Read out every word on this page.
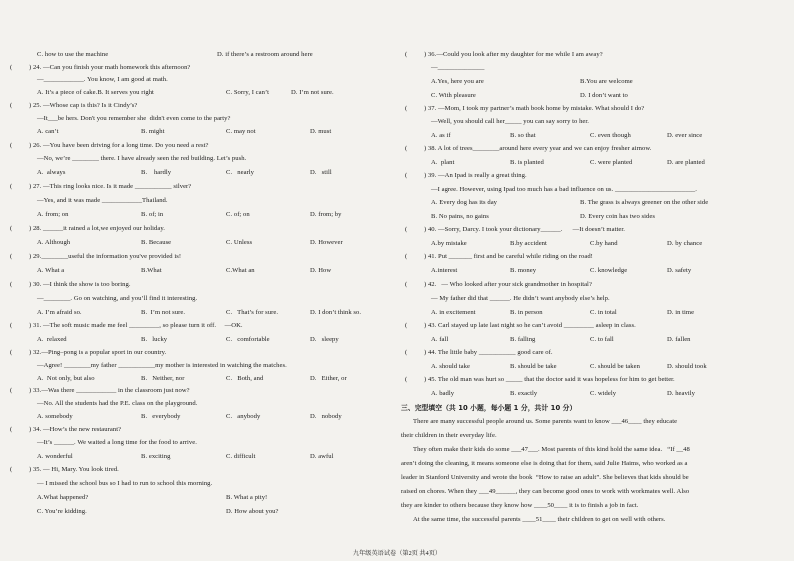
C. how to use the machine	D. if there’s a restroom around here
(	) 24. —Can you finish your math homework this afternoon?
—____________. You know, I am good at math.
A. It’s a piece of cake.B. It serves you right	C. Sorry, I can’t	D. I’m not sure.
(	) 25. —Whose cap is this? Is it Cindy’s?
—It___be hers. Don't you remember she  didn't even come to the party?
A. can’t	B. might	C. may not	D. must
(	) 26. —You have been driving for a long time. Do you need a rest?
—No, we’re ________ there. I have already seen the red building. Let’s push.
A.  always	B.    hardly	C.   nearly	D.   still
(	) 27. —This ring looks nice. Is it made ___________ silver?
—Yes, and it was made ____________Thailand.
A. from; on	B. of; in	C. of; on	D. from; by
(	) 28. ______it rained a lot,we enjoyed our holiday.
A. Although	B. Because	C. Unless	D. However
(	) 29.________useful the information you've provided is!
A. What a	B.What	C.What an	D. How
(	) 30. —I think the show is too boring.
—________. Go on watching, and you’ll find it interesting.
A. I’m afraid so.	B.  I’m not sure.	C.   That’s for sure.	D. I don’t think so.
(	) 31. —The soft music made me feel _________, so please turn it off.     —OK.
A.  relaxed	B.   lucky	C.   comfortable	D.   sleepy
(	) 32.—Ping–pong is a popular sport in our country.
—Agree! ________my father ___________my mother is interested in watching the matches.
A.  Not only, but also	B.   Neither, nor	C.   Both, and	D.   Either, or
(	) 33.—Was there ____________ in the classroom just now?
—No. All the students had the P.E. class on the playground.
A. somebody	B.   everybody	C.   anybody	D.   nobody
(	) 34. —How’s the new restaurant?
—It’s ______. We waited a long time for the food to arrive.
A. wonderful	B. exciting	C. difficult	D. awful
(	) 35. — Hi, Mary. You look tired.
— I missed the school bus so I had to run to school this morning.
A.What happened?	B. What a pity!
C. You’re kidding.	D. How about you?
(	) 36.—Could you look after my daughter for me while I am away?
—______________
A.Yes, here you are	B.You are welcome
C. With pleasure	D. I don’t want to
(	) 37. —Mom, I took my partner’s math book home by mistake. What should I do?
—Well, you should call her_____ you can say sorry to her.
A. as if	B. so that	C. even though	D. ever since
(	) 38. A lot of trees________around here every year and we can enjoy fresher airnow.
A.  plant	B. is planted	C. were planted	D. are planted
(	) 39. —An Ipad is really a great thing.
—I agree. However, using Ipad too much has a bad influence on us. ________________________.
A. Every dog has its day	B. The grass is always greener on the other side
B. No pains, no gains	D. Every coin has two sides
(	) 40. —Sorry, Darcy. I took your dictionary______.      —It doesn’t matter.
A.by mistake	B.by accident	C.by hand	D. by chance
(	) 41. Put _______ first and be careful while riding on the road!
A.interest	B. money	C. knowledge	D. safety
(	) 42.   — Who looked after your sick grandmother in hospital?
— My father did that ______. He didn’t want anybody else’s help.
A. in excitement	B. in person	C. in total	D. in time
(	) 43. Carl stayed up late last night so he can’t avoid _________ asleep in class.
A. fall	B. falling	C. to fall	D. fallen
(	) 44. The little baby ___________ good care of.
A. should take	B. should be take	C. should be taken	D. should took
(	) 45. The old man was hurt so _____ that the doctor said it was hopeless for him to get better.
A. badly	B. exactly	C. widely	D. heavily
三、完型填空（共 10 小题，每小题 1 分，共计 10 分）
There are many successful people around us. Some parents want to know ___46____ they educate
their children in their everyday life.
They often make their kids do some ___47___. Most parents of this kind hold the same idea.   “If __48
aren’t doing the cleaning, it means someone else is doing that for them, said Julie Haims, who worked as a
leader in Stanford University and wrote the book  “How to raise an adult”. She believes that kids should be
raised on chores. When they ___49______, they can become good ones to work with workmates well. Also
they are kinder to others because they know how ____50____ it is to finish a job in fact.
At the same time, the successful parents ____51____ their children to get on well with others.
九年级英语试卷（第2页 共4页）
